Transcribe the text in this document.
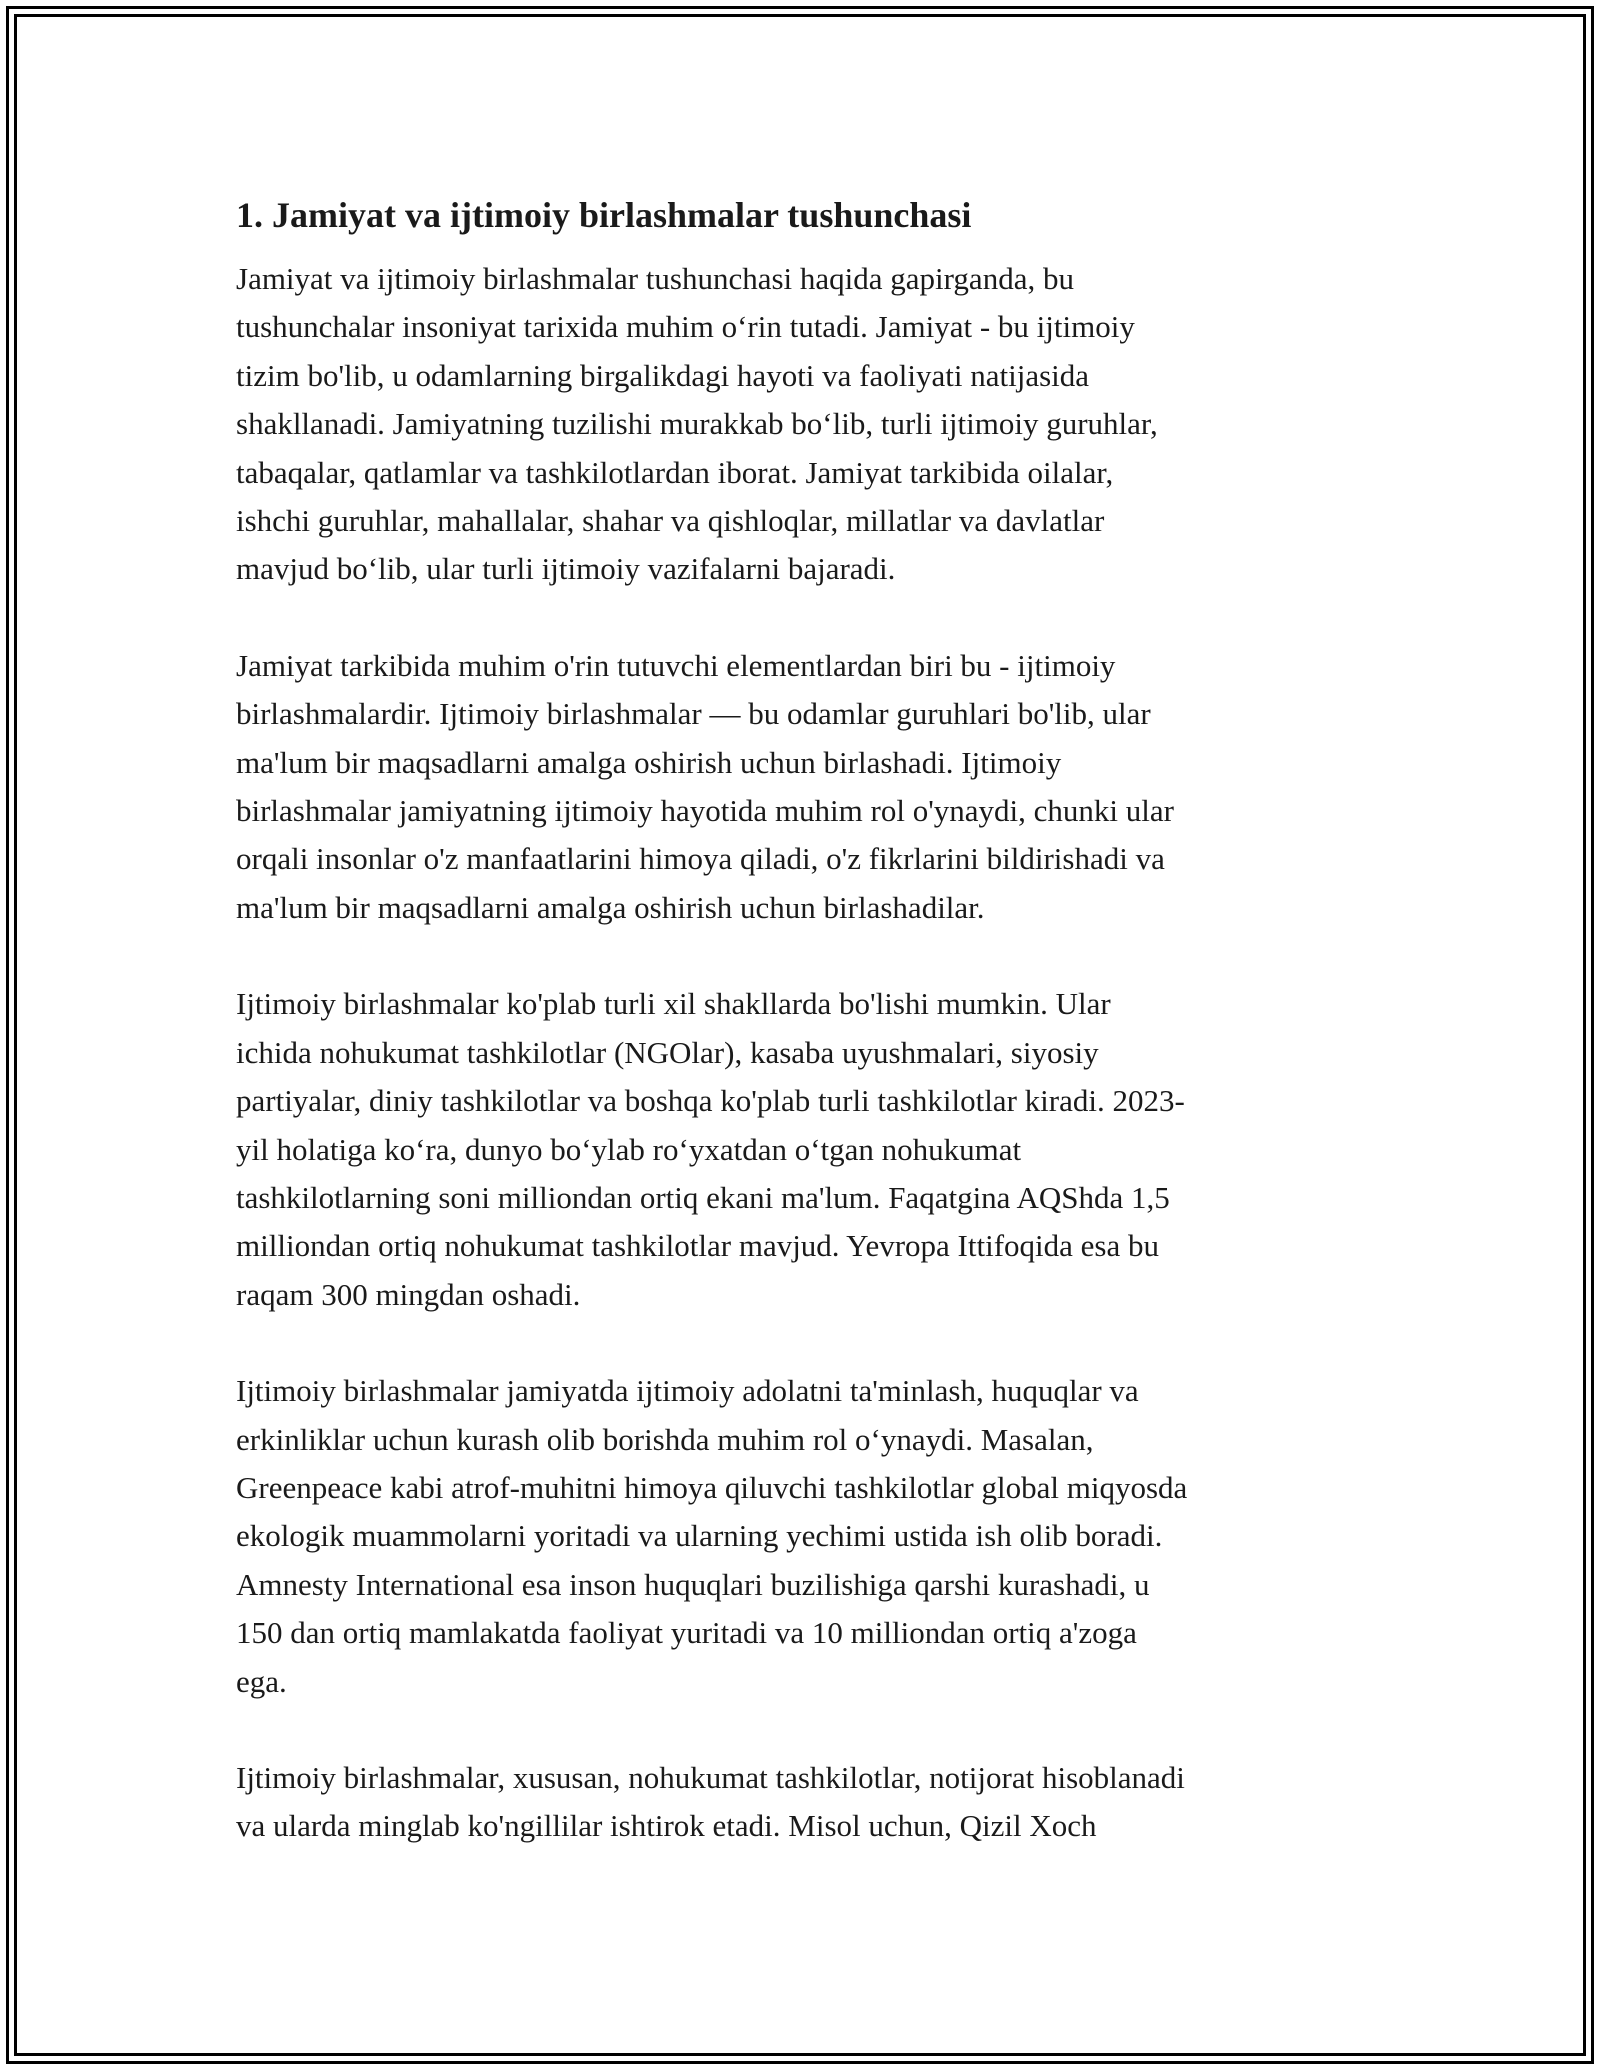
1. Jamiyat va ijtimoiy birlashmalar tushunchasi

Jamiyat va ijtimoiy birlashmalar tushunchasi haqida gapirganda, bu
tushunchalar insoniyat tarixida muhim o‘rin tutadi. Jamiyat - bu ijtimoiy
tizim bo'lib, u odamlarning birgalikdagi hayoti va faoliyati natijasida
shakllanadi. Jamiyatning tuzilishi murakkab bo‘lib, turli ijtimoiy guruhlar,
tabaqalar, qatlamlar va tashkilotlardan iborat. Jamiyat tarkibida oilalar,
ishchi guruhlar, mahallalar, shahar va qishloqlar, millatlar va davlatlar
mavjud bo‘lib, ular turli ijtimoiy vazifalarni bajaradi.

Jamiyat tarkibida muhim o'rin tutuvchi elementlardan biri bu - ijtimoiy
birlashmalardir. Ijtimoiy birlashmalar — bu odamlar guruhlari bo'lib, ular
ma'lum bir maqsadlarni amalga oshirish uchun birlashadi. Ijtimoiy
birlashmalar jamiyatning ijtimoiy hayotida muhim rol o'ynaydi, chunki ular
orqali insonlar o'z manfaatlarini himoya qiladi, o'z fikrlarini bildirishadi va
ma'lum bir maqsadlarni amalga oshirish uchun birlashadilar.

Ijtimoiy birlashmalar ko'plab turli xil shakllarda bo'lishi mumkin. Ular
ichida nohukumat tashkilotlar (NGOlar), kasaba uyushmalari, siyosiy
partiyalar, diniy tashkilotlar va boshqa ko'plab turli tashkilotlar kiradi. 2023-
yil holatiga ko‘ra, dunyo bo‘ylab ro‘yxatdan o‘tgan nohukumat
tashkilotlarning soni milliondan ortiq ekani ma'lum. Faqatgina AQShda 1,5
milliondan ortiq nohukumat tashkilotlar mavjud. Yevropa Ittifoqida esa bu
raqam 300 mingdan oshadi.

Ijtimoiy birlashmalar jamiyatda ijtimoiy adolatni ta'minlash, huquqlar va
erkinliklar uchun kurash olib borishda muhim rol o‘ynaydi. Masalan,
Greenpeace kabi atrof-muhitni himoya qiluvchi tashkilotlar global miqyosda
ekologik muammolarni yoritadi va ularning yechimi ustida ish olib boradi.
Amnesty International esa inson huquqlari buzilishiga qarshi kurashadi, u
150 dan ortiq mamlakatda faoliyat yuritadi va 10 milliondan ortiq a'zoga
ega.

Ijtimoiy birlashmalar, xususan, nohukumat tashkilotlar, notijorat hisoblanadi
va ularda minglab ko'ngillilar ishtirok etadi. Misol uchun, Qizil Xoch
